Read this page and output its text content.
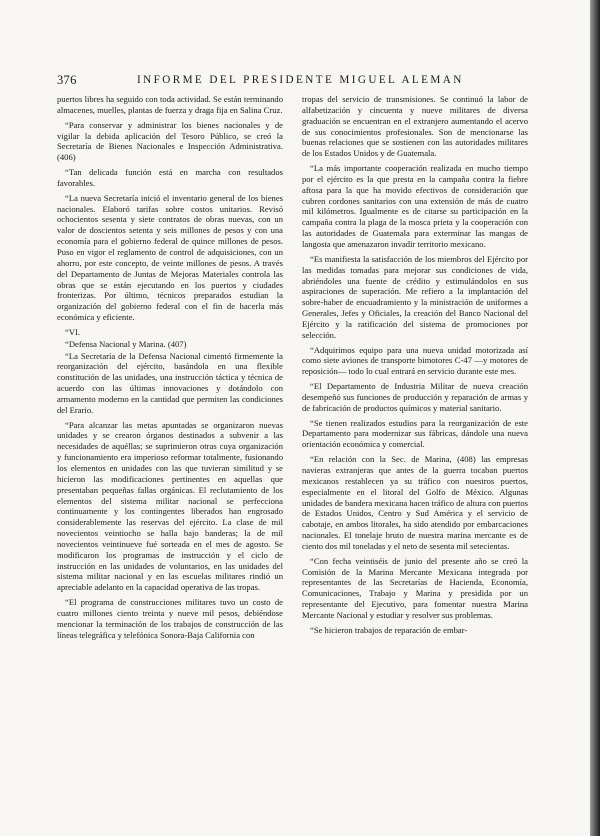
376	INFORME DEL PRESIDENTE MIGUEL ALEMAN

puertos libres ha seguido con toda actividad. Se están terminando almacenes, muelles, plantas de fuerza y draga fija en Salina Cruz.

“Para conservar y administrar los bienes nacionales y de vigilar la debida aplicación del Tesoro Público, se creó la Secretaría de Bienes Nacionales e Inspección Administrativa. (406)

“Tan delicada función está en marcha con resultados favorables.

“La nueva Secretaría inició el inventario general de los bienes nacionales. Elaboró tarifas sobre costos unitarios. Revisó ochocientos sesenta y siete contratos de obras nuevas, con un valor de doscientos setenta y seis millones de pesos y con una economía para el gobierno federal de quince millones de pesos. Puso en vigor el reglamento de control de adquisiciones, con un ahorro, por este concepto, de veinte millones de pesos. A través del Departamento de Juntas de Mejoras Materiales controla las obras que se están ejecutando en los puertos y ciudades fronterizas. Por último, técnicos preparados estudian la organización del gobierno federal con el fin de hacerla más económica y eficiente.

“VI.

“Defensa Nacional y Marina. (407)

“La Secretaría de la Defensa Nacional cimentó firmemente la reorganización del ejército, basándola en una flexible constitución de las unidades, una instrucción táctica y técnica de acuerdo con las últimas innovaciones y dotándolo con armamento moderno en la cantidad que permiten las condiciones del Erario.

“Para alcanzar las metas apuntadas se organizaron nuevas unidades y se crearon órganos destinados a subvenir a las necesidades de aquéllas; se suprimieron otras cuya organización y funcionamiento era imperioso reformar totalmente, fusionando los elementos en unidades con las que tuvieran similitud y se hicieron las modificaciones pertinentes en aquellas que presentaban pequeñas fallas orgánicas. El reclutamiento de los elementos del sistema militar nacional se perfecciona continuamente y los contingentes liberados han engrosado considerablemente las reservas del ejército. La clase de mil novecientos veintiocho se halla bajo banderas; la de mil novecientos veintinueve fué sorteada en el mes de agosto. Se modificaron los programas de instrucción y el ciclo de instrucción en las unidades de voluntarios, en las unidades del sistema militar nacional y en las escuelas militares rindió un apreciable adelanto en la capacidad operativa de las tropas.

“El programa de construcciones militares tuvo un costo de cuatro millones ciento treinta y nueve mil pesos, debiéndose mencionar la terminación de los trabajos de construcción de las líneas telegráfica y telefónica Sonora-Baja California con

tropas del servicio de transmisiones. Se continuó la labor de alfabetización y cincuenta y nueve militares de diversa graduación se encuentran en el extranjero aumentando el acervo de sus conocimientos profesionales. Son de mencionarse las buenas relaciones que se sostienen con las autoridades militares de los Estados Unidos y de Guatemala.

“La más importante cooperación realizada en mucho tiempo por el ejército es la que presta en la campaña contra la fiebre aftosa para la que ha movido efectivos de consideración que cubren cordones sanitarios con una extensión de más de cuatro mil kilómetros. Igualmente es de citarse su participación en la campaña contra la plaga de la mosca prieta y la cooperación con las autoridades de Guatemala para exterminar las mangas de langosta que amenazaron invadir territorio mexicano.

“Es manifiesta la satisfacción de los miembros del Ejército por las medidas tomadas para mejorar sus condiciones de vida, abriéndoles una fuente de crédito y estimulándolos en sus aspiraciones de superación. Me refiero a la implantación del sobre-haber de encuadramiento y la ministración de uniformes a Generales, Jefes y Oficiales, la creación del Banco Nacional del Ejército y la ratificación del sistema de promociones por selección.

“Adquirimos equipo para una nueva unidad motorizada así como siete aviones de transporte bimotores C-47 —y motores de reposición— todo lo cual entrará en servicio durante este mes.

“El Departamento de Industria Militar de nueva creación desempeñó sus funciones de producción y reparación de armas y de fabricación de productos químicos y material sanitario.

“Se tienen realizados estudios para la reorganización de este Departamento para modernizar sus fábricas, dándole una nueva orientación económica y comercial.

“En relación con la Sec. de Marina, (408) las empresas navieras extranjeras que antes de la guerra tocaban puertos mexicanos restablecen ya su tráfico con nuestros puertos, especialmente en el litoral del Golfo de México. Algunas unidades de bandera mexicana hacen tráfico de altura con puertos de Estados Unidos, Centro y Sud América y el servicio de cabotaje, en ambos litorales, ha sido atendido por embarcaciones nacionales. El tonelaje bruto de nuestra marina mercante es de ciento dos mil toneladas y el neto de sesenta mil setecientas.

“Con fecha veintiséis de junio del presente año se creó la Comisión de la Marina Mercante Mexicana integrada por representantes de las Secretarías de Hacienda, Economía, Comunicaciones, Trabajo y Marina y presidida por un representante del Ejecutivo, para fomentar nuestra Marina Mercante Nacional y estudiar y resolver sus problemas.

“Se hicieron trabajos de reparación de embar-
